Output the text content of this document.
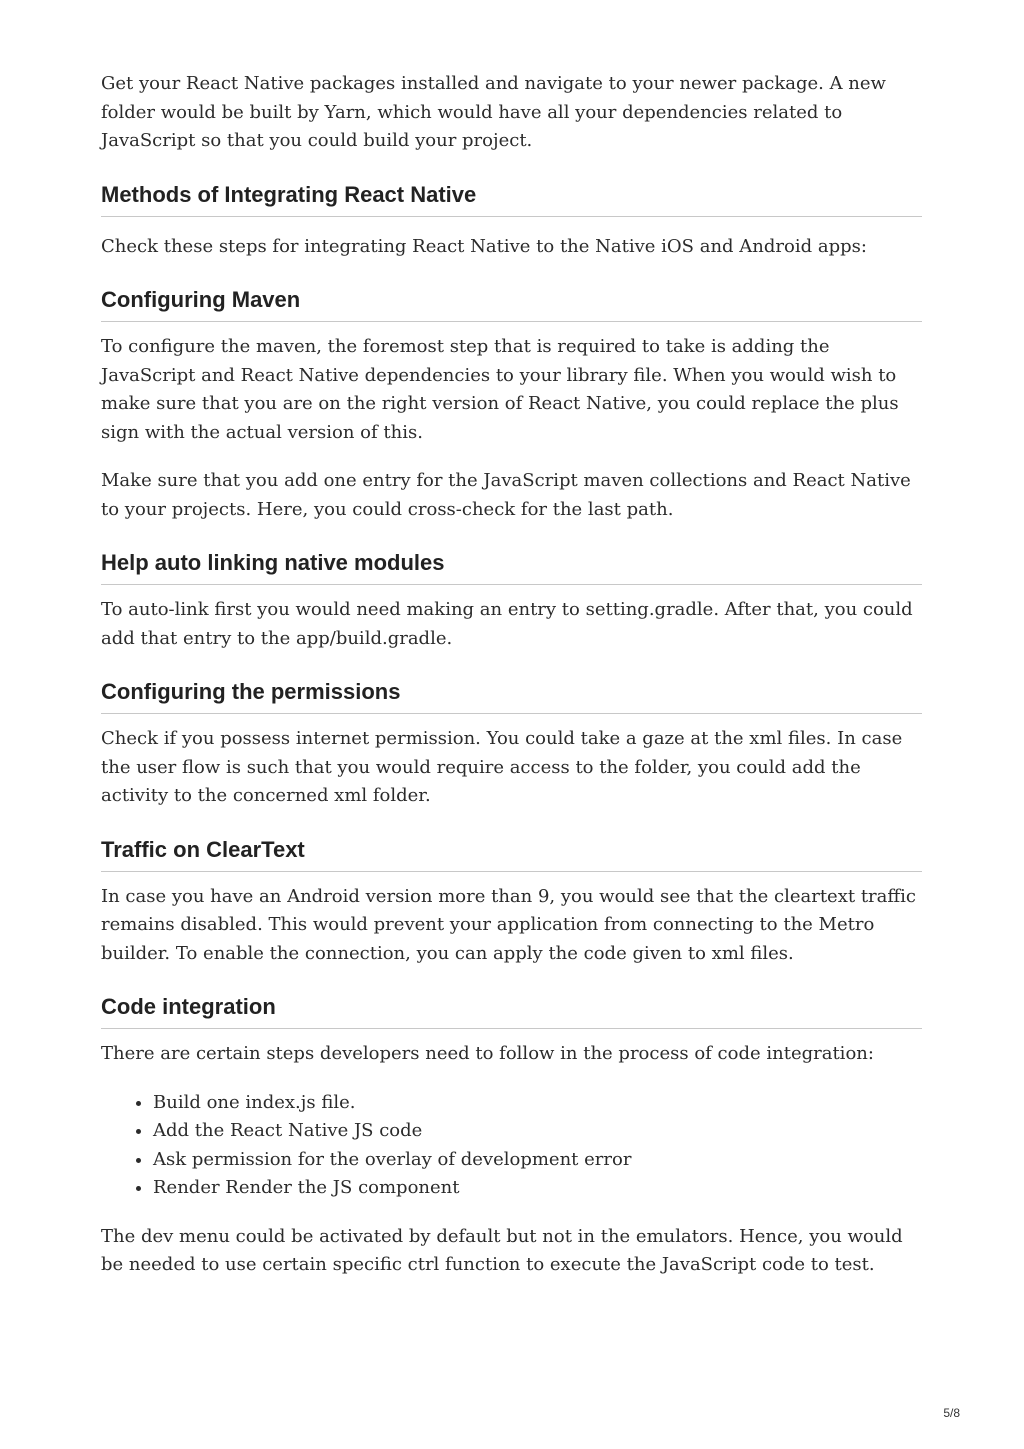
Get your React Native packages installed and navigate to your newer package. A new folder would be built by Yarn, which would have all your dependencies related to JavaScript so that you could build your project.

Methods of Integrating React Native

Check these steps for integrating React Native to the Native iOS and Android apps:

Configuring Maven

To configure the maven, the foremost step that is required to take is adding the JavaScript and React Native dependencies to your library file. When you would wish to make sure that you are on the right version of React Native, you could replace the plus sign with the actual version of this.

Make sure that you add one entry for the JavaScript maven collections and React Native to your projects. Here, you could cross-check for the last path.

Help auto linking native modules

To auto-link first you would need making an entry to setting.gradle. After that, you could add that entry to the app/build.gradle.

Configuring the permissions

Check if you possess internet permission. You could take a gaze at the xml files. In case the user flow is such that you would require access to the folder, you could add the activity to the concerned xml folder.

Traffic on ClearText

In case you have an Android version more than 9, you would see that the cleartext traffic remains disabled. This would prevent your application from connecting to the Metro builder. To enable the connection, you can apply the code given to xml files.

Code integration

There are certain steps developers need to follow in the process of code integration:

• Build one index.js file.
• Add the React Native JS code
• Ask permission for the overlay of development error
• Render Render the JS component

The dev menu could be activated by default but not in the emulators. Hence, you would be needed to use certain specific ctrl function to execute the JavaScript code to test.

5/8
